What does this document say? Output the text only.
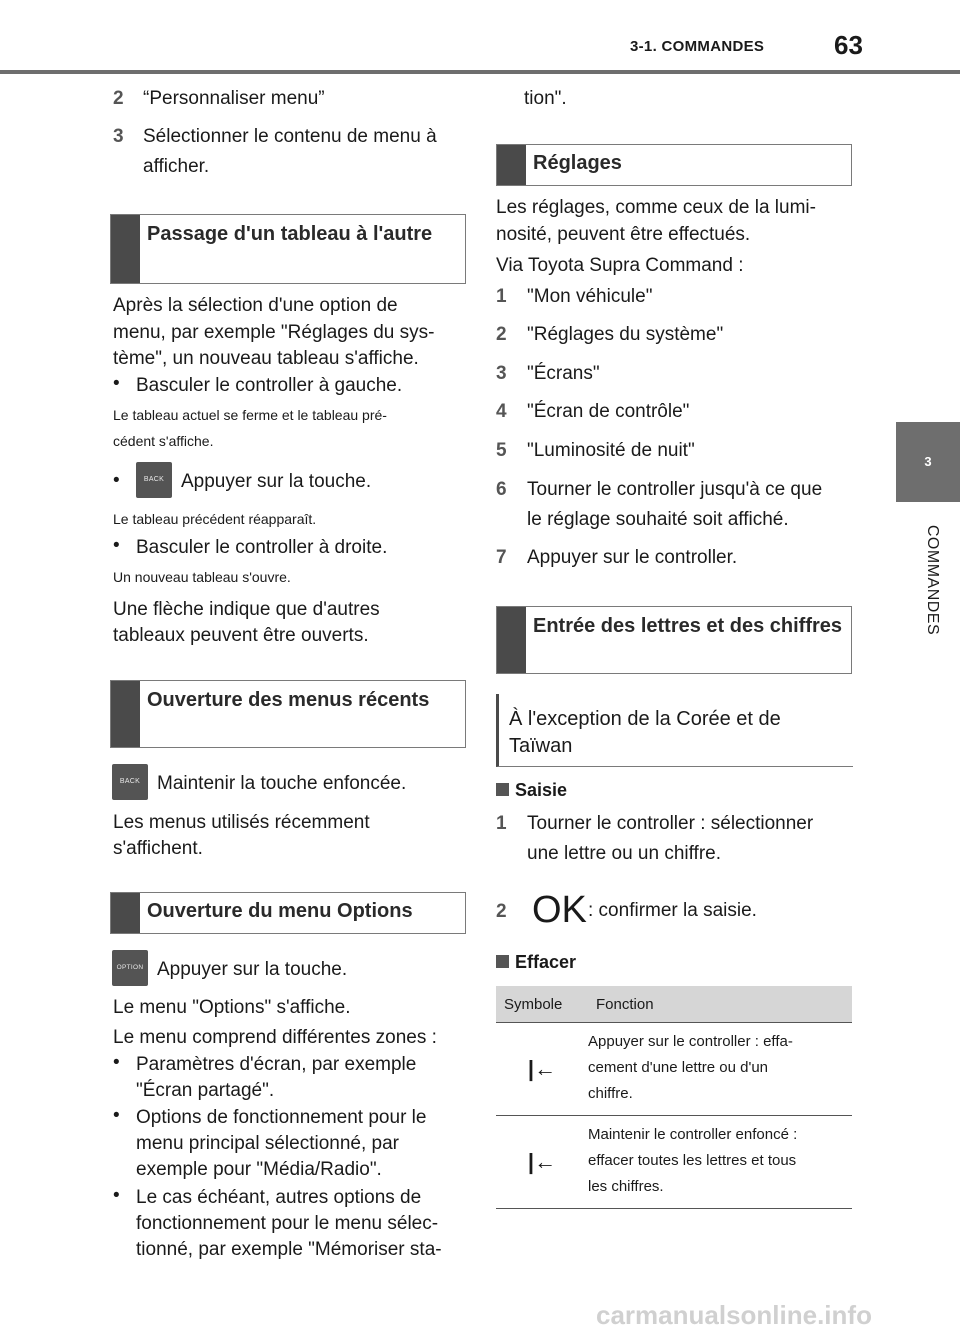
3-1. COMMANDES	63
3
COMMANDES
2 “Personnaliser menu”
3 Sélectionner le contenu de menu à
afficher.
Passage d'un tableau à l'autre
Après la sélection d'une option de
menu, par exemple "Réglages du sys-
tème", un nouveau tableau s'affiche.
• Basculer le controller à gauche.
Le tableau actuel se ferme et le tableau pré-
cédent s'affiche.
•	BACK Appuyer sur la touche.
Le tableau précédent réapparaît.
• Basculer le controller à droite.
Un nouveau tableau s'ouvre.
Une flèche indique que d'autres
tableaux peuvent être ouverts.
Ouverture des menus récents
BACK Maintenir la touche enfoncée.
Les menus utilisés récemment
s'affichent.
Ouverture du menu Options
OPTION Appuyer sur la touche.
Le menu "Options" s'affiche.
Le menu comprend différentes zones :
• Paramètres d'écran, par exemple
"Écran partagé".
• Options de fonctionnement pour le
menu principal sélectionné, par
exemple pour "Média/Radio".
• Le cas échéant, autres options de
fonctionnement pour le menu sélec-
tionné, par exemple "Mémoriser sta-
tion".
Réglages
Les réglages, comme ceux de la lumi-
nosité, peuvent être effectués.
Via Toyota Supra Command :
1 "Mon véhicule"
2 "Réglages du système"
3 "Écrans"
4 "Écran de contrôle"
5 "Luminosité de nuit"
6 Tourner le controller jusqu'à ce que
le réglage souhaité soit affiché.
7 Appuyer sur le controller.
Entrée des lettres et des chiffres
À l'exception de la Corée et de Taïwan
Saisie
1 Tourner le controller : sélectionner
une lettre ou un chiffre.
2 OK : confirmer la saisie.
Effacer
Symbole	Fonction
|←	Appuyer sur le controller : effa-
cement d'une lettre ou d'un
chiffre.

|←	Maintenir le controller enfoncé :
effacer toutes les lettres et tous
les chiffres.
carmanualsonline.info
